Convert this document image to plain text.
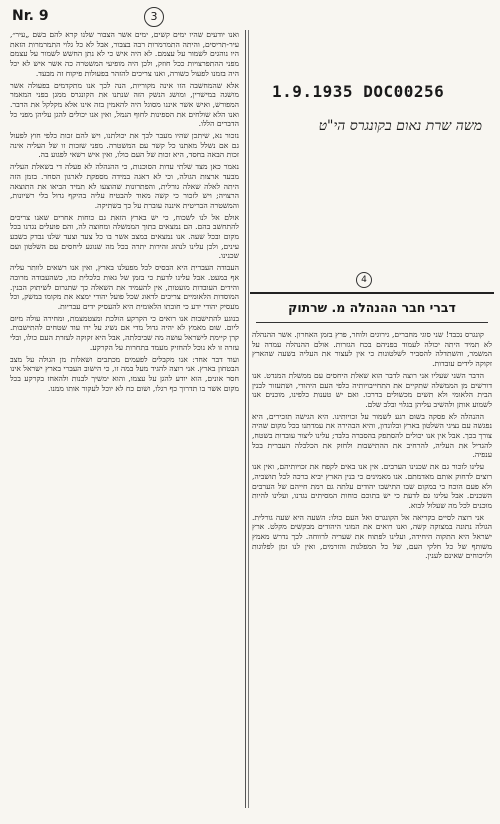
Nr. 9	3

ואנו יודעים שהיו ימים קשים, ימים אשר הצבור שלנו קרא להם בשם „עיר״, עיר-תריסים, והיתה התמרמרות רבה בצבור, אבל לא כל גלוי התמרמרות הזאת היו נוהגים לשמור על עצמם. לא היה איש כי לא נתן החשש לשמור על עצמם מפני ההתפרצויות ככל חוזק, ולכן היה מופיעי המשטרה כה אשר איש לא יכל היה בזמנו לפעול כשורה, ואנו צריכים להזהר בפעולות פיקוח זה מבעד.

אלא שהמחשבה הזו אינה מקוריות, הנה לכך אנו מתקדמים בפעולה אשר מושגה במישרין, ומושג הנשק הזה שנתנו את הקונגרס ממגן בפני המאמר המפורש, ואיש אשר איננו מסוגל היה להאמין בזה אינו אלא מקלקל את הדבר. ואנו הלא שולחים את הספינות לחוף הנמל, ואין אנו יכולים להגן עליהן מפני כל הדברים הללו.

נזכור נא, שיתכן שהיו מעבר לכך את יכולתנו, ויש להם זכות כלפי חוץ לפעול גם אם נשלל מאתנו כל קשר עם המשטרה. מפני שזכות זו של העליה אינה זכות הבאה בחסד, היא זכות של העם כולו, ואין איש רשאי לפגוע בה.

נאמר כאן מצד שלתי עדות הסוכנות, כי ההנהלה לא פעלה די בשאלת העליה מבעד ארצות הגולה, וכי לא דאגה במידה מספקת לארגון הסחר. בזמן הזה היתה לאלה שאלה גורלית, והפתרונות שהוצעו לא תמיד הביאו את התוצאה הרצויה; ויש לזכור כי קשה מאוד להבטיח עליה בהיקף גדול בלי רשיונות, והמשטרה הבריטית איננה עוברת על כך בשתיקה.

אולם אל לנו לשכוח, כי יש בארץ הזאת גם כוחות אחרים שאנו צריכים להתחשב בהם. הם נמצאים בתוך הממשלה ומחוצה לה, והם פועלים נגדנו בכל מקום ובכל שעה. אנו נמצאים במצב אשר בו כל צעד וצעד שלנו נבדק בשבע עינים, ולכן עלינו לנהוג זהירות יתרה בכל מה שנוגע ליחסים עם השלטון ועם שכנינו.

העבודה העברית היא הבסיס לכל מפעלנו בארץ, ואין אנו רשאים לוותר עליה אף במעט. אבל עלינו לדעת כי בזמן של גאות כלכלית כזו, כשהעבודה מרובה והידים העובדות מועטות, אין להעמיד את השאלה כך שתגרום לשיתוק הבנין. המוסדות הלאומיים צריכים לדאוג שכל פועל יהודי ימצא את מקומו במשק, וכל מעסיק יהודי ידע כי חובתו הלאומית היא להעסיק ידים עבריות.

בנוגע להתישבות אנו רואים כי הקרקע הולכת ומצטמצמת, ומחירה עולה מיום ליום. שום מאמץ לא יהיה גדול מדי אם נשיג על ידו עוד שטחים להתישבות. קרן קיימת לישראל עושה מה שביכלתה, אבל היא זקוקה לעזרת העם כולו, ובלי עזרה זו לא נוכל להחזיק מעמד בתחרות על הקרקע.

ועוד דבר אחד: אנו מקבלים לפעמים מכתבים ושאלות מן הגולה על מצב הבטחון בארץ. אני רוצה להגיד מעל במה זו, כי הישוב העברי בארץ ישראל אינו חסר אונים, הוא יודע להגן על עצמו, והוא ימשיך לבנות ולהאחז בקרקע בכל מקום אשר בו תדרוך כף רגלו, ושום כח לא יוכל לעקור אותו ממנו.

1.9.1935 DOC00256
משה שרת נאום בקונגרס הי"ט
4
דברי חבר ההנהלה מ. שרתוק

קונגרס נכבד! שני סוגי מחברים, גירוגים ולוחר, פרץ בזמן האחרון. אשר ההנהלה לא תמיד היתה יכולה לעמוד בפניהם בכח הגזרות. אולם ההנהלה עמדה על המשמר, והשתדלה להסביר לשלטונות כי אין לעצור את העליה בשעה שהארץ זקוקה לידים עובדות.

הדבר השני שעליו אני רוצה לדבר הוא שאלת היחסים עם ממשלת המנדט. אנו דורשים מן הממשלה שתקיים את התחייבויותיה כלפי העם היהודי, ושתעזור לבנין הבית הלאומי ולא תשים מכשולים בדרכו. ואם יש טענות כלפינו, מוכנים אנו לשמוע אותן ולהשיב עליהן בגלוי ובלב שלם.

ההנהלה לא פסקה בשום רגע לשמור על זכויותינו. היא הגישה תזכירים, היא נפגשה עם נציגי השלטון בארץ ובלונדון, והיא הבהירה את עמדתנו בכל מקום שהיה צורך בכך. אבל אין אנו יכולים להסתפק בהסברה בלבד; עלינו ליצור עובדות בשטח, להגדיל את העליה, להרחיב את ההתישבות ולחזק את הכלכלה העברית בכל ענפיה.

עלינו לזכור גם את שכנינו הערבים. אין אנו באים לקפח את זכויותיהם, ואין אנו רוצים לדחוק אותם מאדמתם. אנו מאמינים כי בנין הארץ יביא ברכה לכל תושביה, ולא פעם הוכח כי במקום שבו התישבו יהודים עלתה גם רמת חייהם של הערבים השכנים. אבל עלינו גם לדעת כי יש בתוכם כוחות המסיתים נגדנו, ועלינו להיות מוכנים לכל מה שעלול לבוא.

אני רוצה לסיים בקריאה אל הקונגרס ואל העם כולו: השעה היא שעה גורלית. הגולה נתונה במצוקה קשה, ואנו רואים את המוני היהודים מבקשים מקלט. ארץ ישראל היא התקוה היחידה, ועלינו לפתוח את שעריה לרווחה. לכך נדרש מאמץ משותף של כל חלקי העם, של כל המפלגות והזרמים, ואין לנו זמן לפלוגות ולויכוחים שאינם לענין.
